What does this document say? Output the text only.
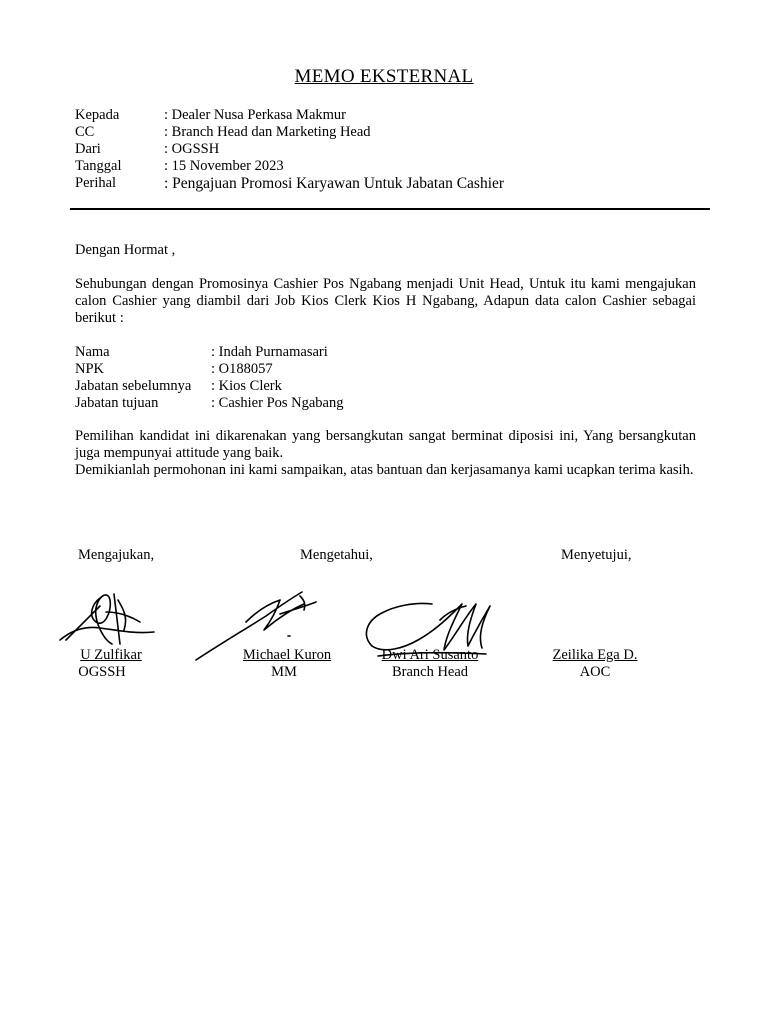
MEMO EKSTERNAL
Kepada	: Dealer Nusa Perkasa Makmur
CC	: Branch Head dan Marketing Head
Dari	: OGSSH
Tanggal	: 15 November 2023
Perihal	: Pengajuan Promosi Karyawan Untuk Jabatan Cashier

Dengan Hormat ,

Sehubungan dengan Promosinya Cashier Pos Ngabang menjadi Unit Head, Untuk itu kami mengajukan calon Cashier yang diambil dari Job Kios Clerk Kios H Ngabang, Adapun data calon Cashier sebagai berikut :

Nama	: Indah Purnamasari
NPK	: O188057
Jabatan sebelumnya	: Kios Clerk
Jabatan tujuan	: Cashier Pos Ngabang

Pemilihan kandidat ini dikarenakan yang bersangkutan sangat berminat diposisi ini, Yang bersangkutan juga mempunyai attitude yang baik.

Demikianlah permohonan ini kami sampaikan, atas bantuan dan kerjasamanya kami ucapkan terima kasih.

Mengajukan,	Mengetahui,	Menyetujui,
U Zulfikar	Michael Kuron	Dwi Ari Susanto	Zeilika Ega D.
OGSSH	MM	Branch Head	AOC
